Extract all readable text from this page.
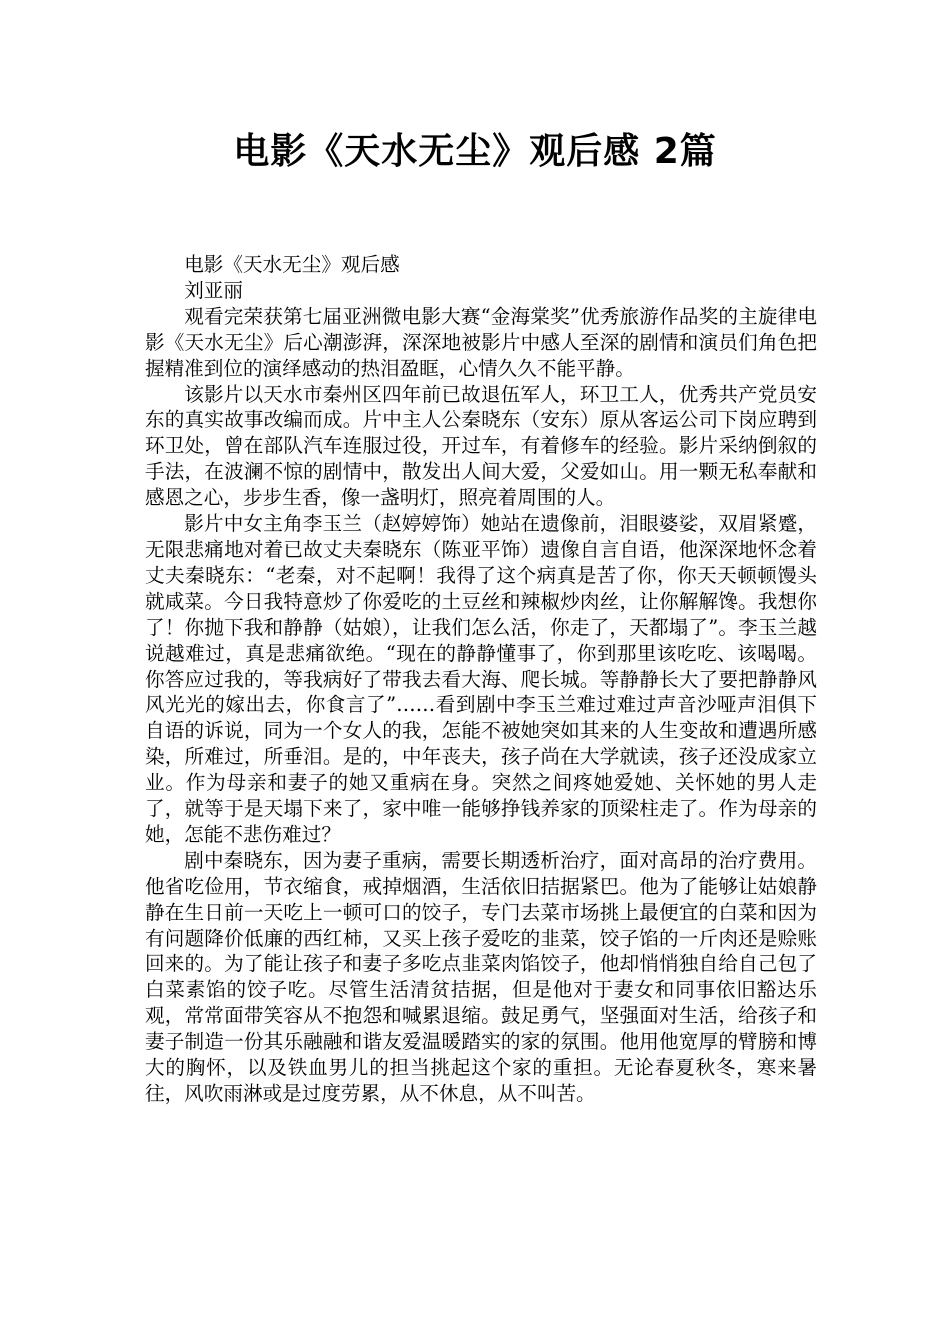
电影《天水无尘》观后感 2篇

电影《天水无尘》观后感

刘亚丽

观看完荣获第七届亚洲微电影大赛“金海棠奖”优秀旅游作品奖的主旋律电影《天水无尘》后心潮澎湃，深深地被影片中感人至深的剧情和演员们角色把握精准到位的演绎感动的热泪盈眶，心情久久不能平静。

该影片以天水市秦州区四年前已故退伍军人，环卫工人，优秀共产党员安东的真实故事改编而成。片中主人公秦晓东（安东）原从客运公司下岗应聘到环卫处，曾在部队汽车连服过役，开过车，有着修车的经验。影片采纳倒叙的手法，在波澜不惊的剧情中，散发出人间大爱，父爱如山。用一颗无私奉献和感恩之心，步步生香，像一盏明灯，照亮着周围的人。

影片中女主角李玉兰（赵婷婷饰）她站在遗像前，泪眼婆娑，双眉紧蹙，无限悲痛地对着已故丈夫秦晓东（陈亚平饰）遗像自言自语，他深深地怀念着丈夫秦晓东：“老秦，对不起啊！我得了这个病真是苦了你，你天天顿顿馒头就咸菜。今日我特意炒了你爱吃的土豆丝和辣椒炒肉丝，让你解解馋。我想你了！你抛下我和静静（姑娘），让我们怎么活，你走了，天都塌了”。李玉兰越说越难过，真是悲痛欲绝。“现在的静静懂事了，你到那里该吃吃、该喝喝。你答应过我的，等我病好了带我去看大海、爬长城。等静静长大了要把静静风风光光的嫁出去，你食言了”……看到剧中李玉兰难过难过声音沙哑声泪俱下自语的诉说，同为一个女人的我，怎能不被她突如其来的人生变故和遭遇所感染，所难过，所垂泪。是的，中年丧夫，孩子尚在大学就读，孩子还没成家立业。作为母亲和妻子的她又重病在身。突然之间疼她爱她、关怀她的男人走了，就等于是天塌下来了，家中唯一能够挣钱养家的顶梁柱走了。作为母亲的她，怎能不悲伤难过？

剧中秦晓东，因为妻子重病，需要长期透析治疗，面对高昂的治疗费用。他省吃俭用，节衣缩食，戒掉烟酒，生活依旧拮据紧巴。他为了能够让姑娘静静在生日前一天吃上一顿可口的饺子，专门去菜市场挑上最便宜的白菜和因为有问题降价低廉的西红柿，又买上孩子爱吃的韭菜，饺子馅的一斤肉还是赊账回来的。为了能让孩子和妻子多吃点韭菜肉馅饺子，他却悄悄独自给自己包了白菜素馅的饺子吃。尽管生活清贫拮据，但是他对于妻女和同事依旧豁达乐观，常常面带笑容从不抱怨和喊累退缩。鼓足勇气，坚强面对生活，给孩子和妻子制造一份其乐融融和谐友爱温暖踏实的家的氛围。他用他宽厚的臂膀和博大的胸怀，以及铁血男儿的担当挑起这个家的重担。无论春夏秋冬，寒来暑往，风吹雨淋或是过度劳累，从不休息，从不叫苦。
